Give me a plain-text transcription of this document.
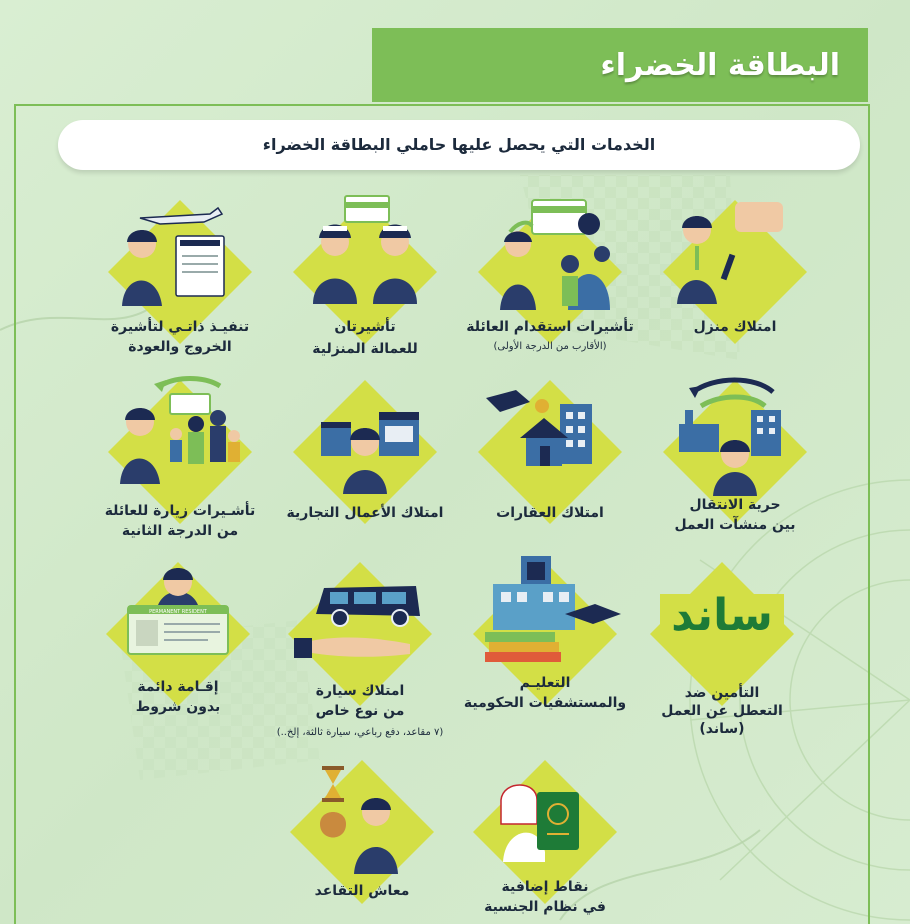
البطاقة الخضراء
الخدمات التي يحصل عليها حاملي البطاقة الخضراء
امتلاك منزل
تأشيرات استقدام العائلة
(الأقارب من الدرجة الأولى)
تأشيرتان
للعمالة المنزلية
تنفيـذ ذاتـي لتأشيرة
الخروج والعودة
حرية الانتقال
بين منشآت العمل
امتلاك العقارات
امتلاك الأعمال التجارية
تأشـيرات زيارة للعائلة
من الدرجة الثانية
ساند
التأمين ضد
التعطل عن العمل
(ساند)
التعليـم
والمستشفيات الحكومية
امتلاك سيارة
من نوع خاص
(٧ مقاعد، دفع رباعي، سيارة ثالثة، إلخ..)
PERMANENT RESIDENT
إقـامة دائمة
بدون شروط
نقاط إضافية
في نظام الجنسية
معاش التقاعد
